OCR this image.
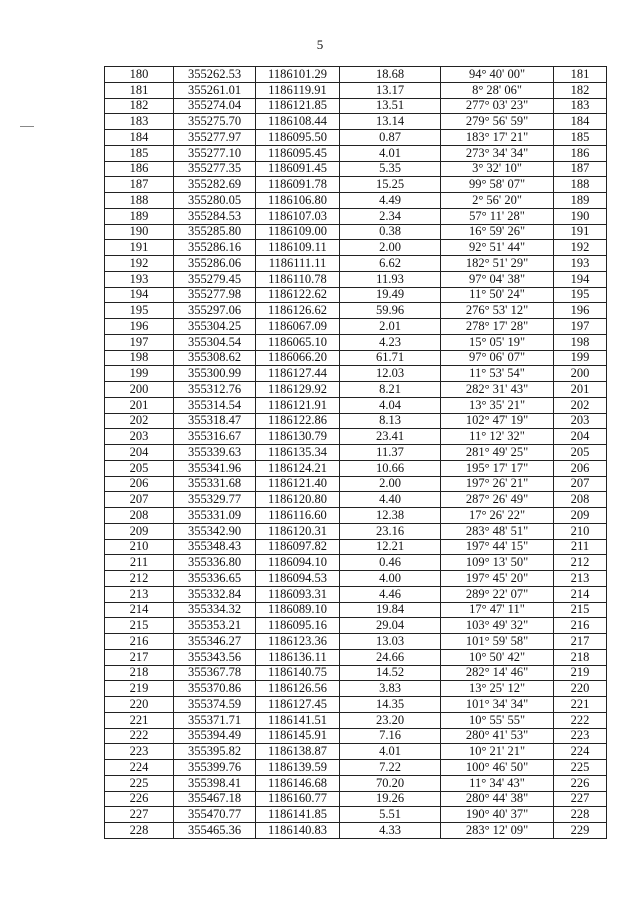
5
180	355262.53	1186101.29	18.68	94° 40' 00"	181
181	355261.01	1186119.91	13.17	8° 28' 06"	182
182	355274.04	1186121.85	13.51	277° 03' 23"	183
183	355275.70	1186108.44	13.14	279° 56' 59"	184
184	355277.97	1186095.50	0.87	183° 17' 21"	185
185	355277.10	1186095.45	4.01	273° 34' 34"	186
186	355277.35	1186091.45	5.35	3° 32' 10"	187
187	355282.69	1186091.78	15.25	99° 58' 07"	188
188	355280.05	1186106.80	4.49	2° 56' 20"	189
189	355284.53	1186107.03	2.34	57° 11' 28"	190
190	355285.80	1186109.00	0.38	16° 59' 26"	191
191	355286.16	1186109.11	2.00	92° 51' 44"	192
192	355286.06	1186111.11	6.62	182° 51' 29"	193
193	355279.45	1186110.78	11.93	97° 04' 38"	194
194	355277.98	1186122.62	19.49	11° 50' 24"	195
195	355297.06	1186126.62	59.96	276° 53' 12"	196
196	355304.25	1186067.09	2.01	278° 17' 28"	197
197	355304.54	1186065.10	4.23	15° 05' 19"	198
198	355308.62	1186066.20	61.71	97° 06' 07"	199
199	355300.99	1186127.44	12.03	11° 53' 54"	200
200	355312.76	1186129.92	8.21	282° 31' 43"	201
201	355314.54	1186121.91	4.04	13° 35' 21"	202
202	355318.47	1186122.86	8.13	102° 47' 19"	203
203	355316.67	1186130.79	23.41	11° 12' 32"	204
204	355339.63	1186135.34	11.37	281° 49' 25"	205
205	355341.96	1186124.21	10.66	195° 17' 17"	206
206	355331.68	1186121.40	2.00	197° 26' 21"	207
207	355329.77	1186120.80	4.40	287° 26' 49"	208
208	355331.09	1186116.60	12.38	17° 26' 22"	209
209	355342.90	1186120.31	23.16	283° 48' 51"	210
210	355348.43	1186097.82	12.21	197° 44' 15"	211
211	355336.80	1186094.10	0.46	109° 13' 50"	212
212	355336.65	1186094.53	4.00	197° 45' 20"	213
213	355332.84	1186093.31	4.46	289° 22' 07"	214
214	355334.32	1186089.10	19.84	17° 47' 11"	215
215	355353.21	1186095.16	29.04	103° 49' 32"	216
216	355346.27	1186123.36	13.03	101° 59' 58"	217
217	355343.56	1186136.11	24.66	10° 50' 42"	218
218	355367.78	1186140.75	14.52	282° 14' 46"	219
219	355370.86	1186126.56	3.83	13° 25' 12"	220
220	355374.59	1186127.45	14.35	101° 34' 34"	221
221	355371.71	1186141.51	23.20	10° 55' 55"	222
222	355394.49	1186145.91	7.16	280° 41' 53"	223
223	355395.82	1186138.87	4.01	10° 21' 21"	224
224	355399.76	1186139.59	7.22	100° 46' 50"	225
225	355398.41	1186146.68	70.20	11° 34' 43"	226
226	355467.18	1186160.77	19.26	280° 44' 38"	227
227	355470.77	1186141.85	5.51	190° 40' 37"	228
228	355465.36	1186140.83	4.33	283° 12' 09"	229
